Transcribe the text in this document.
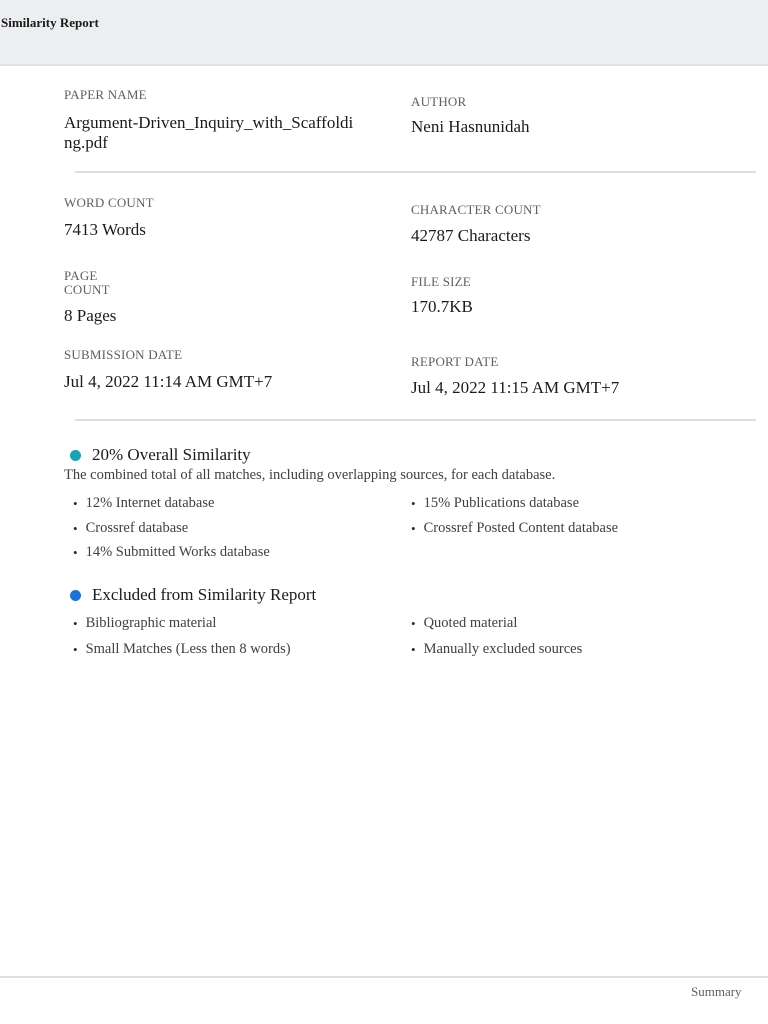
Similarity Report
PAPER NAME
Argument-Driven_Inquiry_with_Scaffoldi
ng.pdf
AUTHOR
Neni Hasnunidah
WORD COUNT
7413 Words
CHARACTER COUNT
42787 Characters
PAGE
COUNT
8 Pages
FILE SIZE
170.7KB
SUBMISSION DATE
Jul 4, 2022 11:14 AM GMT+7
REPORT DATE
Jul 4, 2022 11:15 AM GMT+7
20% Overall Similarity
The combined total of all matches, including overlapping sources, for each database.
• 12% Internet database
• Crossref database
• 14% Submitted Works database
• 15% Publications database
• Crossref Posted Content database
Excluded from Similarity Report
• Bibliographic material
• Small Matches (Less then 8 words)
• Quoted material
• Manually excluded sources
Summary
